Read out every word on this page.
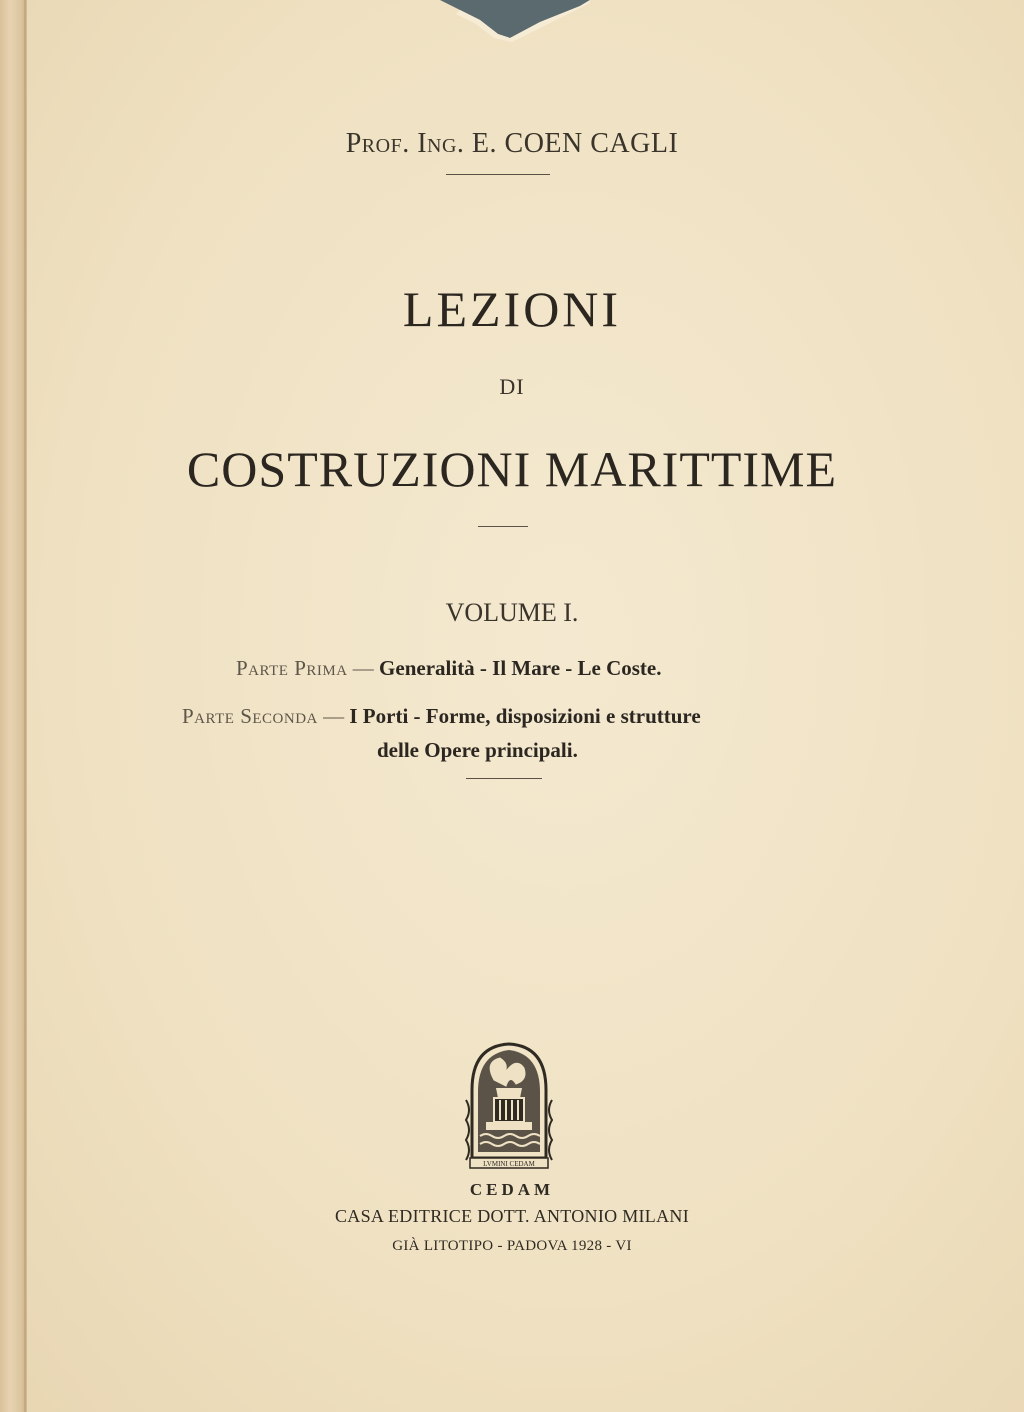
Prof. Ing. E. COEN CAGLI
LEZIONI
DI
COSTRUZIONI MARITTIME
VOLUME I.
Parte Prima — Generalità - Il Mare - Le Coste.
Parte Seconda — I Porti - Forme, disposizioni e strutture
delle Opere principali.
LVMINI CEDAM
CEDAM
CASA EDITRICE DOTT. ANTONIO MILANI
GIÀ LITOTIPO - PADOVA 1928 - VI
